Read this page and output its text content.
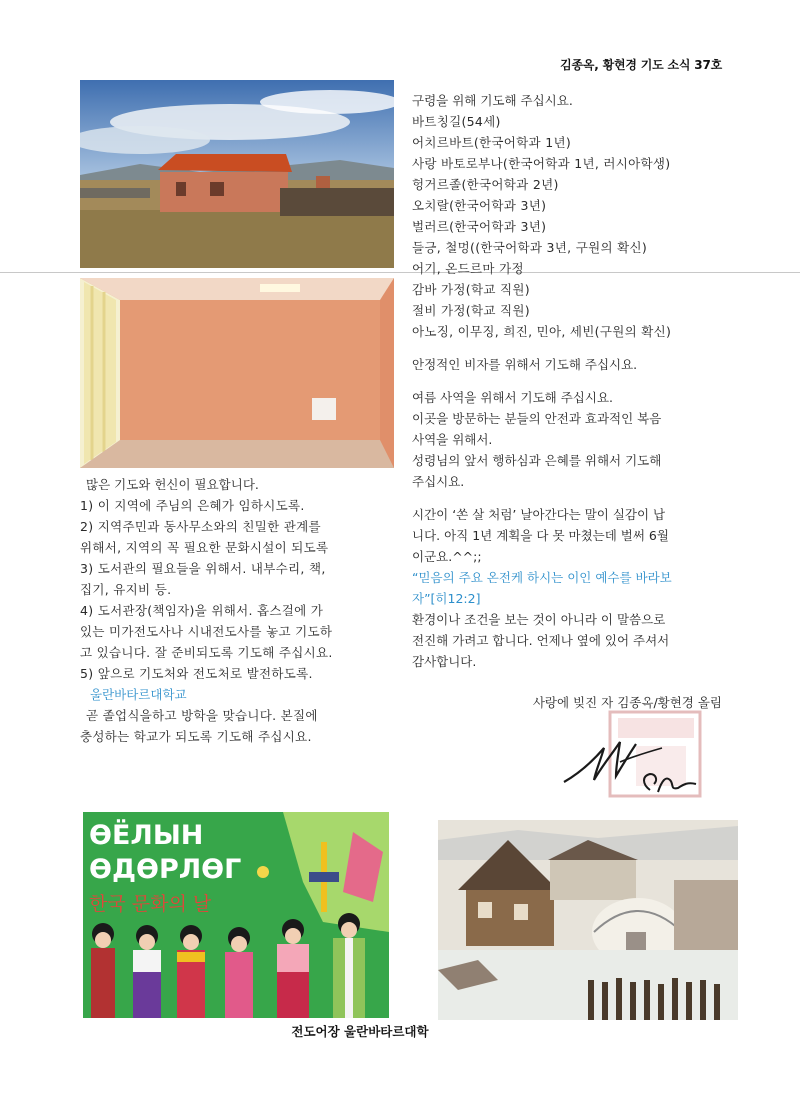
김종옥, 황현경 기도 소식 37호

많은 기도와 헌신이 필요합니다.

1) 이 지역에 주님의 은혜가 임하시도록.

2) 지역주민과 동사무소와의 친밀한 관계를

위해서, 지역의 꼭 필요한 문화시설이 되도록

3) 도서관의 필요들을 위해서. 내부수리, 책,

집기, 유지비 등.

4) 도서관장(책임자)을 위해서. 홉스걸에 가

있는 미가전도사나 시내전도사를 놓고 기도하

고 있습니다. 잘 준비되도록 기도해 주십시요.

5) 앞으로 기도처와 전도처로 발전하도록.

울란바타르대학교

곧 졸업식을하고 방학을 맞습니다. 본질에

충성하는 학교가 되도록 기도해 주십시요.

구령을 위해 기도해 주십시요.

바트칭길(54세)

어치르바트(한국어학과 1년)

사랑 바토로부나(한국어학과 1년, 러시아학생)

헝거르졸(한국어학과 2년)

오치랄(한국어학과 3년)

벌러르(한국어학과 3년)

들긍, 철멍((한국어학과 3년, 구원의 확신)

어기, 온드르마 가정

감바 가정(학교 직원)

절비 가정(학교 직원)

아노징, 이무징, 희진, 민아, 세빈(구원의 확신)

안정적인 비자를 위해서 기도해 주십시요.

여름 사역을 위해서 기도해 주십시요.

이곳을 방문하는 분들의 안전과 효과적인 복음

사역을 위해서.

성령님의 앞서 행하심과 은혜를 위해서 기도해

주십시요.

시간이 ‘쏜 살 처럼’ 날아간다는 말이 실감이 납

니다. 아직 1년 계획을 다 못 마쳤는데 벌써 6월

이군요.^^;;

“믿음의 주요 온전케 하시는 이인 예수를 바라보

자”[히12:2]

환경이나 조건을 보는 것이 아니라 이 말씀으로

전진해 가려고 합니다. 언제나 옆에 있어 주셔서

감사합니다.

사랑에 빚진 자 김종옥/황현경 올림

ӨЁЛЫН
ӨДӨРЛӨГ
한국 문화의 날
전도어장 울란바타르대학
